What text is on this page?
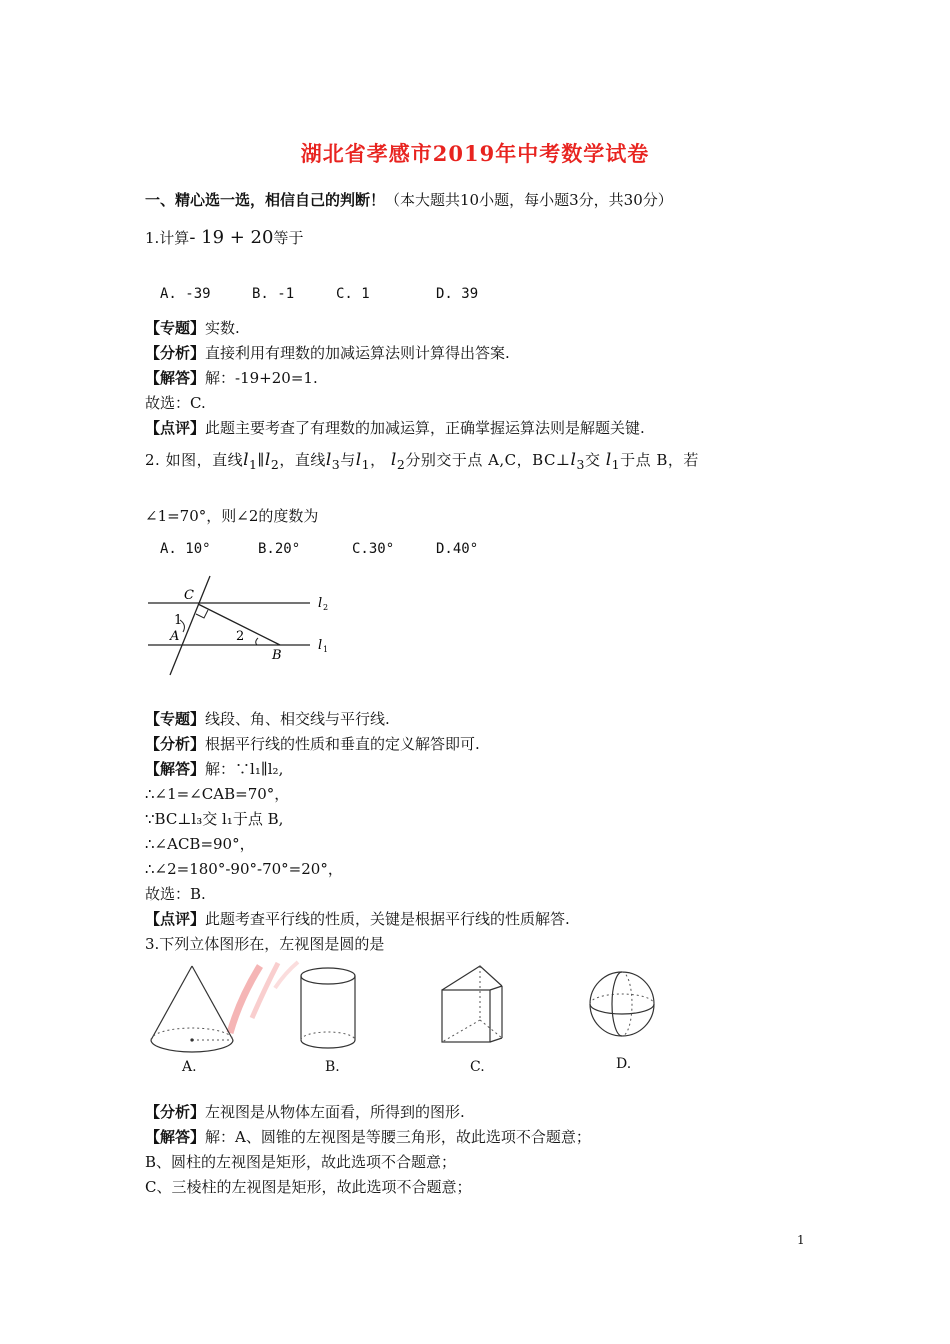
湖北省孝感市2019年中考数学试卷
一、精心选一选，相信自己的判断！（本大题共10小题，每小题3分，共30分）
1.计算- 19 + 20等于
A. -39	B. -1	C. 1	D. 39
【专题】实数.
【分析】直接利用有理数的加减运算法则计算得出答案.
【解答】解：-19+20=1.
故选：C.
【点评】此题主要考查了有理数的加减运算，正确掌握运算法则是解题关键.
2. 如图，直线$l_1\parallel l_2$，直线$l_3$与$l_1$， $l_2$分别交于点 A,C，$BC\perp l_3$交 $l_1$于点 B，若
∠1=70°，则∠2的度数为
A. 10°	B.20°	C.30°	D.40°
C
1
A	2
B
l 2
l 1
【专题】线段、角、相交线与平行线.
【分析】根据平行线的性质和垂直的定义解答即可.
【解答】解：∵l₁∥l₂,
∴∠1=∠CAB=70°，
∵BC⊥l₃交 l₁于点 B,
∴∠ACB=90°，
∴∠2=180°-90°-70°=20°，
故选：B.
【点评】此题考查平行线的性质，关键是根据平行线的性质解答.
3.下列立体图形在，左视图是圆的是
A.	B.	C.	D.
【分析】左视图是从物体左面看，所得到的图形.
【解答】解：A、圆锥的左视图是等腰三角形，故此选项不合题意；
B、圆柱的左视图是矩形，故此选项不合题意；
C、三棱柱的左视图是矩形，故此选项不合题意；
1
